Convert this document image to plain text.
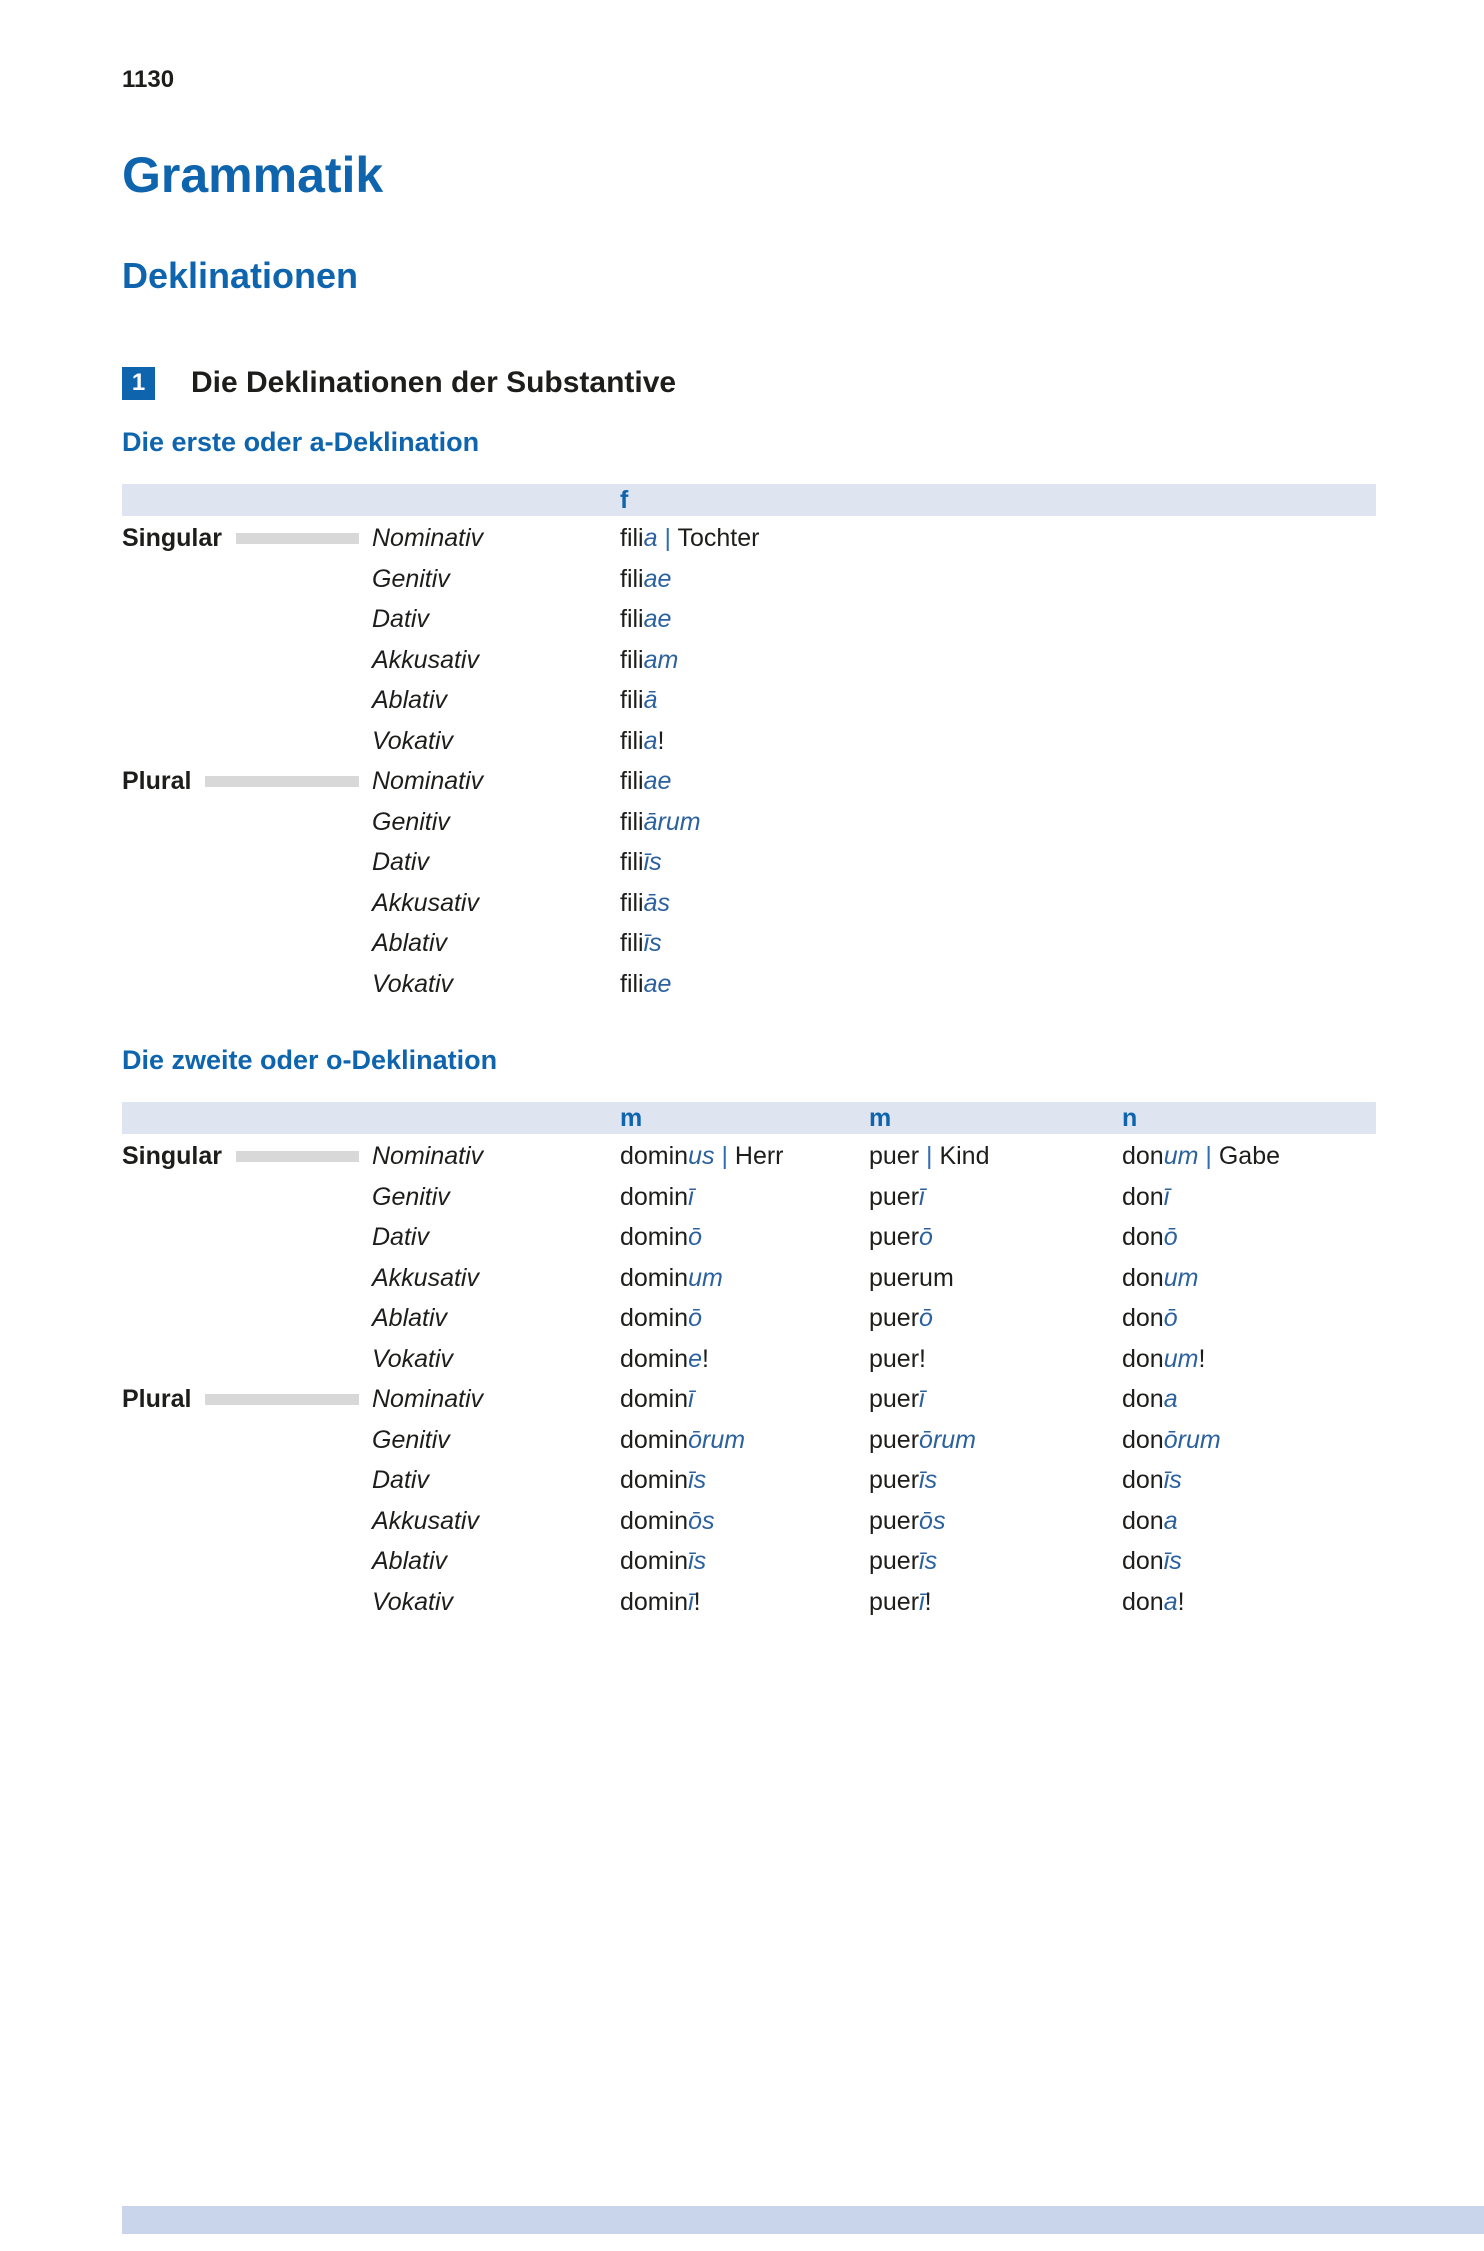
1130
Grammatik
Deklinationen
1	Die Deklinationen der Substantive
Die erste oder a-Deklination
f
Singular	Nominativ	filia | Tochter
Genitiv	filiae
Dativ	filiae
Akkusativ	filiam
Ablativ	filiā
Vokativ	filia!
Plural	Nominativ	filiae
Genitiv	filiārum
Dativ	filiīs
Akkusativ	filiās
Ablativ	filiīs
Vokativ	filiae
Die zweite oder o-Deklination
m	m	n
Singular	Nominativ	dominus | Herr	puer | Kind	donum | Gabe
Genitiv	dominī	puerī	donī
Dativ	dominō	puerō	donō
Akkusativ	dominum	puerum	donum
Ablativ	dominō	puerō	donō
Vokativ	domine!	puer!	donum!
Plural	Nominativ	dominī	puerī	dona
Genitiv	dominōrum	puerōrum	donōrum
Dativ	dominīs	puerīs	donīs
Akkusativ	dominōs	puerōs	dona
Ablativ	dominīs	puerīs	donīs
Vokativ	dominī!	puerī!	dona!
